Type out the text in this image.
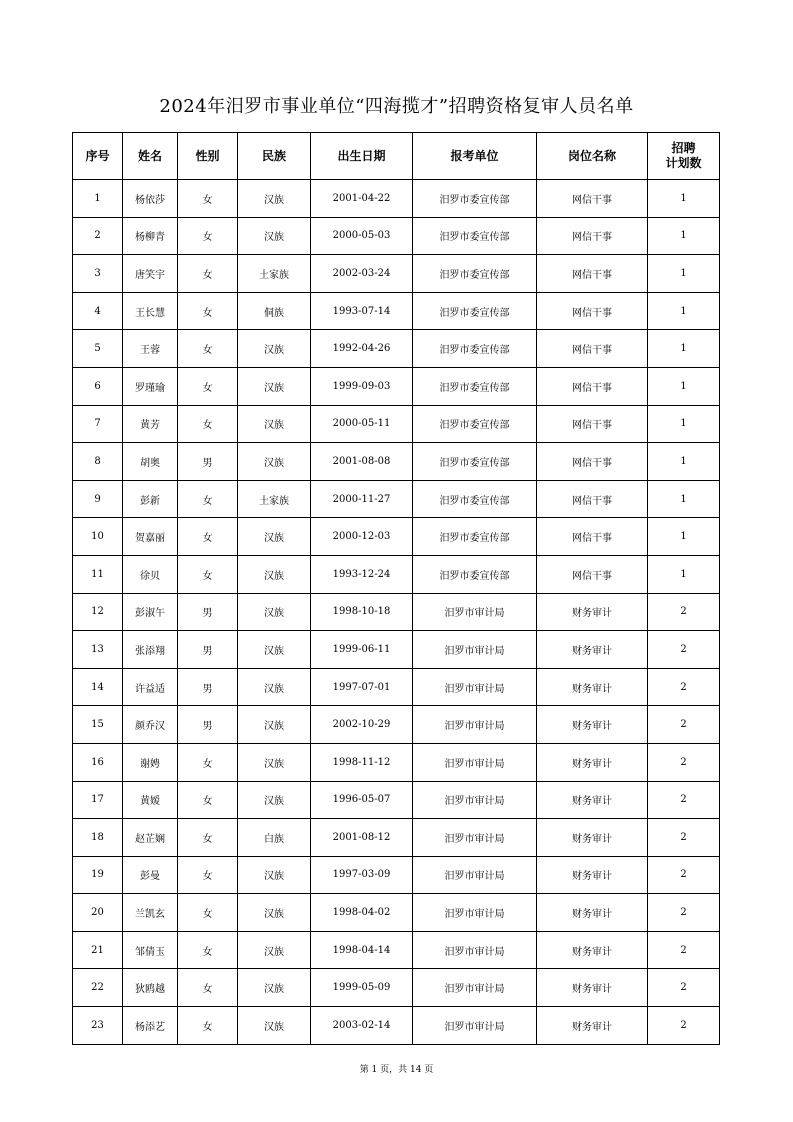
2024年汨罗市事业单位“四海揽才”招聘资格复审人员名单
序号	姓名	性别	民族	出生日期	报考单位	岗位名称	招聘
计划数

1	杨依莎	女	汉族	2001-04-22	汨罗市委宣传部	网信干事	1
2	杨柳青	女	汉族	2000-05-03	汨罗市委宣传部	网信干事	1
3	唐笑宇	女	土家族	2002-03-24	汨罗市委宣传部	网信干事	1
4	王长慧	女	侗族	1993-07-14	汨罗市委宣传部	网信干事	1
5	王蓉	女	汉族	1992-04-26	汨罗市委宣传部	网信干事	1
6	罗瑾瑜	女	汉族	1999-09-03	汨罗市委宣传部	网信干事	1
7	黄芳	女	汉族	2000-05-11	汨罗市委宣传部	网信干事	1
8	胡奥	男	汉族	2001-08-08	汨罗市委宣传部	网信干事	1
9	彭新	女	土家族	2000-11-27	汨罗市委宣传部	网信干事	1
10	贺嘉丽	女	汉族	2000-12-03	汨罗市委宣传部	网信干事	1
11	徐贝	女	汉族	1993-12-24	汨罗市委宣传部	网信干事	1
12	彭淑午	男	汉族	1998-10-18	汨罗市审计局	财务审计	2
13	张添翔	男	汉族	1999-06-11	汨罗市审计局	财务审计	2
14	许益适	男	汉族	1997-07-01	汨罗市审计局	财务审计	2
15	颜乔汉	男	汉族	2002-10-29	汨罗市审计局	财务审计	2
16	谢娉	女	汉族	1998-11-12	汨罗市审计局	财务审计	2
17	黄嫒	女	汉族	1996-05-07	汨罗市审计局	财务审计	2
18	赵芷娴	女	白族	2001-08-12	汨罗市审计局	财务审计	2
19	彭曼	女	汉族	1997-03-09	汨罗市审计局	财务审计	2
20	兰凯玄	女	汉族	1998-04-02	汨罗市审计局	财务审计	2
21	邹倩玉	女	汉族	1998-04-14	汨罗市审计局	财务审计	2
22	狄鸥越	女	汉族	1999-05-09	汨罗市审计局	财务审计	2
23	杨添艺	女	汉族	2003-02-14	汨罗市审计局	财务审计	2
第 1 页，共 14 页
